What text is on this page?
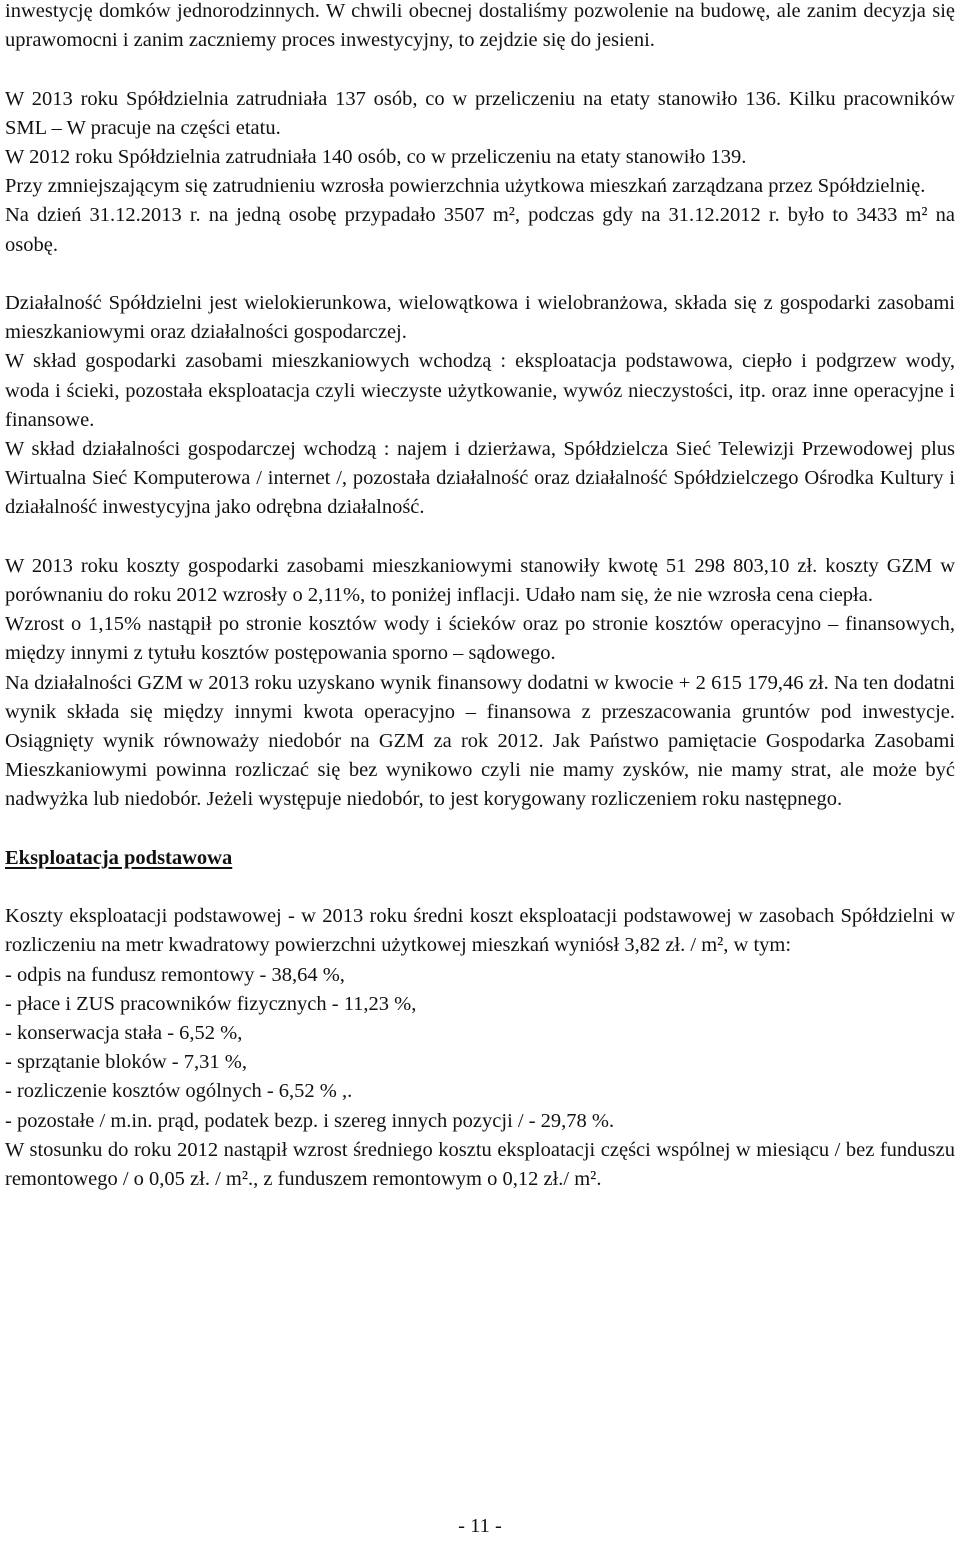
inwestycję domków jednorodzinnych. W chwili obecnej dostaliśmy pozwolenie na budowę, ale zanim decyzja się uprawomocni i zanim zaczniemy proces inwestycyjny, to zejdzie się do jesieni.

W 2013 roku Spółdzielnia zatrudniała 137 osób, co w przeliczeniu na etaty stanowiło 136. Kilku pracowników SML – W pracuje na części etatu.

W 2012 roku Spółdzielnia zatrudniała 140 osób, co w przeliczeniu na etaty stanowiło 139.

Przy zmniejszającym się zatrudnieniu wzrosła powierzchnia użytkowa mieszkań zarządzana przez Spółdzielnię.

Na dzień 31.12.2013 r. na jedną osobę przypadało 3507 m², podczas gdy na 31.12.2012 r. było to 3433 m² na osobę.

Działalność Spółdzielni jest wielokierunkowa, wielowątkowa i wielobranżowa, składa się z gospodarki zasobami mieszkaniowymi oraz działalności gospodarczej.

W skład gospodarki zasobami mieszkaniowych wchodzą : eksploatacja podstawowa, ciepło i podgrzew wody, woda i ścieki, pozostała eksploatacja czyli wieczyste użytkowanie, wywóz nieczystości, itp. oraz inne operacyjne i finansowe.

W skład działalności gospodarczej wchodzą : najem i dzierżawa, Spółdzielcza Sieć Telewizji Przewodowej plus Wirtualna Sieć Komputerowa / internet /, pozostała działalność oraz działalność Spółdzielczego Ośrodka Kultury i działalność inwestycyjna jako odrębna działalność.

W 2013 roku koszty gospodarki zasobami mieszkaniowymi stanowiły kwotę 51 298 803,10 zł. koszty GZM w porównaniu do roku 2012 wzrosły o 2,11%, to poniżej inflacji. Udało nam się, że nie wzrosła cena ciepła.

Wzrost o 1,15% nastąpił po stronie kosztów wody i ścieków oraz po stronie kosztów operacyjno – finansowych, między innymi z tytułu kosztów postępowania sporno – sądowego.

Na działalności GZM w 2013 roku uzyskano wynik finansowy dodatni w kwocie + 2 615 179,46 zł. Na ten dodatni wynik składa się między innymi kwota operacyjno – finansowa z przeszacowania gruntów pod inwestycje. Osiągnięty wynik równoważy niedobór na GZM za rok 2012. Jak Państwo pamiętacie Gospodarka Zasobami Mieszkaniowymi powinna rozliczać się bez wynikowo czyli nie mamy zysków, nie mamy strat, ale może być nadwyżka lub niedobór. Jeżeli występuje niedobór, to jest korygowany rozliczeniem roku następnego.

Eksploatacja podstawowa

Koszty eksploatacji podstawowej - w 2013 roku średni koszt eksploatacji podstawowej w zasobach Spółdzielni w rozliczeniu na metr kwadratowy powierzchni użytkowej mieszkań wyniósł 3,82 zł. / m², w tym:

- odpis na fundusz remontowy - 38,64 %,
- płace i ZUS pracowników fizycznych - 11,23 %,
- konserwacja stała - 6,52 %,
- sprzątanie bloków - 7,31 %,
- rozliczenie kosztów ogólnych - 6,52 % ,.
- pozostałe / m.in. prąd, podatek bezp. i szereg innych pozycji / - 29,78 %.

W stosunku do roku 2012 nastąpił wzrost średniego kosztu eksploatacji części wspólnej w miesiącu / bez funduszu remontowego / o 0,05 zł. / m²., z funduszem remontowym o 0,12 zł./ m².

- 11 -
